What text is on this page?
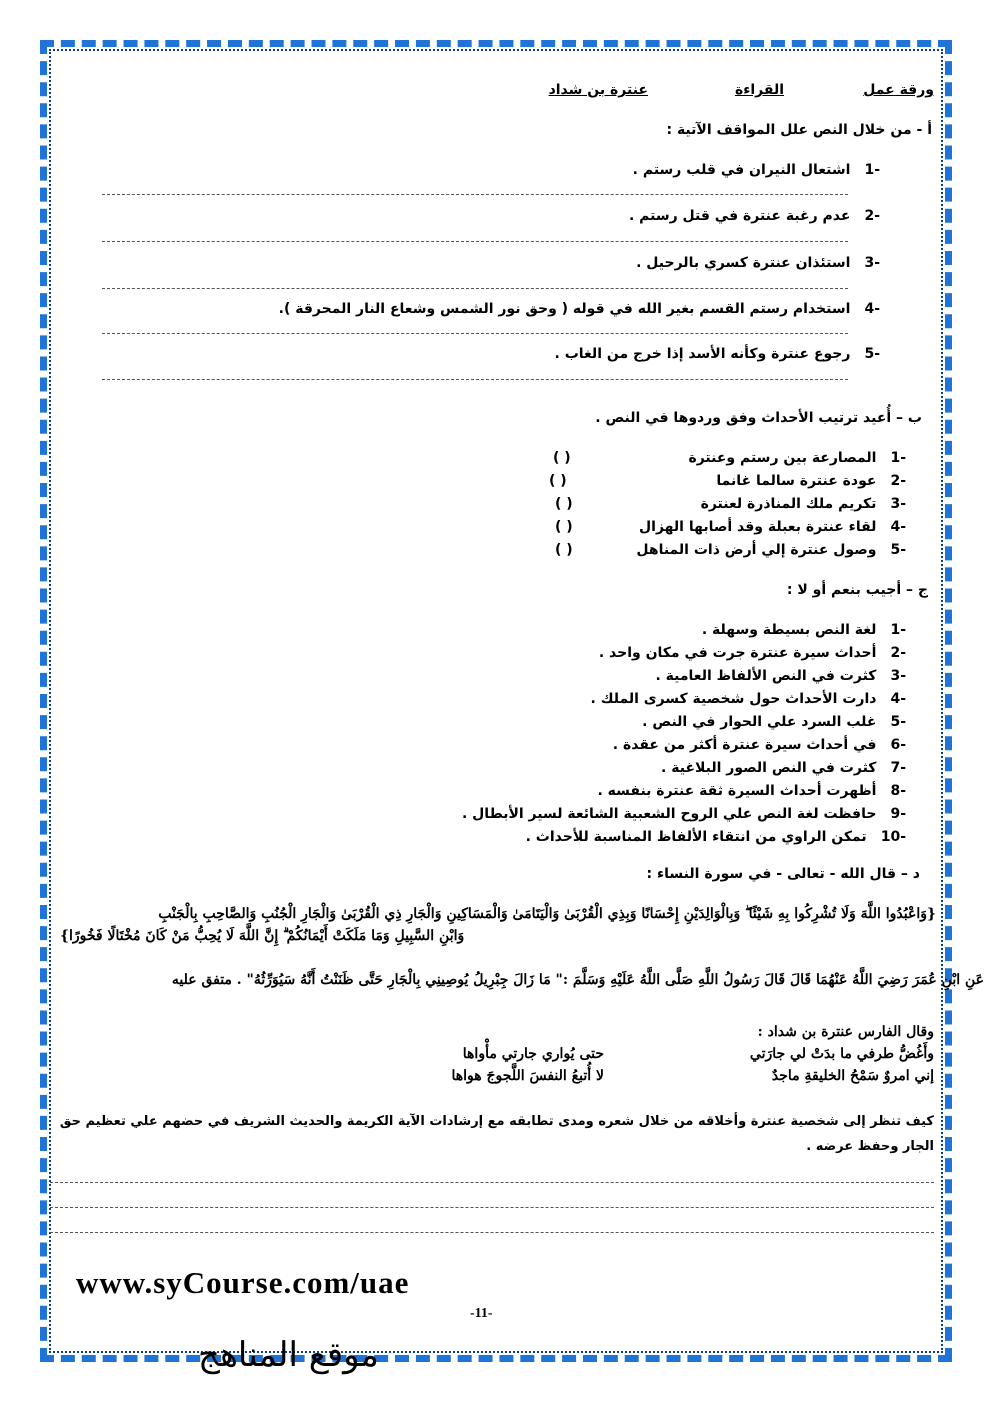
ورقة عمل
القراءة
عنترة بن شداد
أ - من خلال النص علل المواقف الآتية :
-1اشتعال النيران في قلب رستم .
-2عدم رغبة عنترة في قتل رستم .
-3استئذان عنترة كسري بالرحيل .
-4استخدام رستم القسم بغير الله في قوله ( وحق نور الشمس وشعاع النار المحرقة ).
-5رجوع عنترة وكأنه الأسد إذا خرج من الغاب .
ب – أُعيد ترتيب الأحداث وفق وردوها في النص .
-1المصارعة بين رستم وعنترة
( )
-2عودة عنترة سالما غانما
( )
-3تكريم ملك المناذرة لعنترة
( )
-4لقاء عنترة بعبلة وقد أصابها الهزال
( )
-5وصول عنترة إلي أرض ذات المناهل
( )
ج – أجيب بنعم أو لا :
-1لغة النص بسيطة وسهلة .
-2أحداث سيرة عنترة جرت في مكان واحد .
-3كثرت في النص الألفاظ العامية .
-4دارت الأحداث حول شخصية كسرى الملك .
-5غلب السرد علي الحوار في النص .
-6في أحداث سيرة عنترة أكثر من عقدة .
-7كثرت في النص الصور البلاغية .
-8أظهرت أحداث السيرة ثقة عنترة بنفسه .
-9حافظت لغة النص علي الروح الشعبية الشائعة لسير الأبطال .
-10تمكن الراوي من انتقاء الألفاظ المناسبة للأحداث .
د – قال الله - تعالى - في سورة النساء :
{وَاعْبُدُوا اللَّهَ وَلَا تُشْرِكُوا بِهِ شَيْئًا ۖ وَبِالْوَالِدَيْنِ إِحْسَانًا وَبِذِي الْقُرْبَىٰ وَالْيَتَامَىٰ وَالْمَسَاكِينِ وَالْجَارِ ذِي الْقُرْبَىٰ وَالْجَارِ الْجُنُبِ وَالصَّاحِبِ بِالْجَنْبِ
وَابْنِ السَّبِيلِ وَمَا مَلَكَتْ أَيْمَانُكُمْ ۗ إِنَّ اللَّهَ لَا يُحِبُّ مَنْ كَانَ مُخْتَالًا فَخُورًا}
عَنِ ابْنِ عُمَرَ رَضِيَ اللَّهُ عَنْهُمَا قَالَ قَالَ رَسُولُ اللَّهِ صَلَّى اللَّهُ عَلَيْهِ وَسَلَّمَ :" مَا زَالَ جِبْرِيلُ يُوصِينِي بِالْجَارِ حَتَّى ظَنَنْتُ أَنَّهُ سَيُوَرِّثُهُ" . متفق عليه
وقال الفارس عنترة بن شداد :
وأَغُضُّ طرفي ما بدَتْ لي جارَتي
حتى يُواري جارتي مأْواها
إني امروٌ سَمْحُ الخليقةِ ماجدٌ
لا أُتبعُ النفسَ اللَّجوجَ هواها
كيف تنظر إلى شخصية عنترة وأخلاقه من خلال شعره ومدى تطابقه مع إرشادات الآية الكريمة والحديث الشريف في حضهم علي تعظيم حق
الجار وحفظ عرضه .
www.syCourse.com/uae
-11-
موقع المناهج
